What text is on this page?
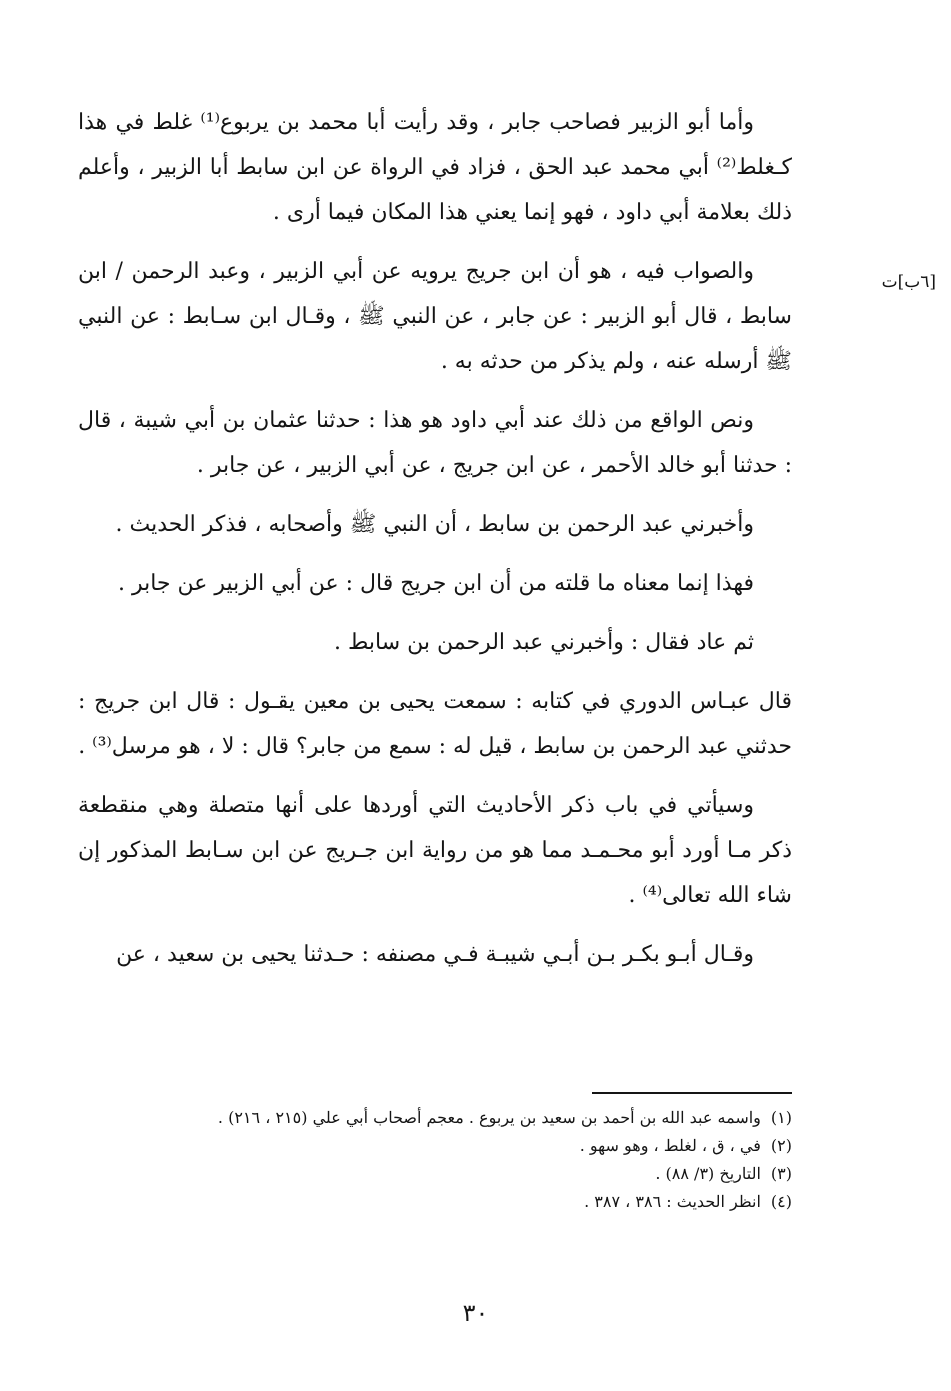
[٦ب]ت

وأما أبو الزبير فصاحب جابر ، وقد رأيت أبا محمد بن يربوع⁽¹⁾ غلط في هذا كـغلط⁽²⁾ أبي محمد عبد الحق ، فزاد في الرواة عن ابن سابط أبا الزبير ، وأعلم ذلك بعلامة أبي داود ، فهو إنما يعني هذا المكان فيما أرى .

والصواب فيه ، هو أن ابن جريج يرويه عن أبي الزبير ، وعبد الرحمن / ابن سابط ، قال أبو الزبير : عن جابر ، عن النبي ﷺ ، وقـال ابن سـابط : عن النبي ﷺ أرسله عنه ، ولم يذكر من حدثه به .

ونص الواقع من ذلك عند أبي داود هو هذا : حدثنا عثمان بن أبي شيبة ، قال : حدثنا أبو خالد الأحمر ، عن ابن جريج ، عن أبي الزبير ، عن جابر .

وأخبرني عبد الرحمن بن سابط ، أن النبي ﷺ وأصحابه ، فذكر الحديث .

فهذا إنما معناه ما قلته من أن ابن جريج قال : عن أبي الزبير عن جابر .

ثم عاد فقال : وأخبرني عبد الرحمن بن سابط .

قال عبـاس الدوري في كتابه : سمعت يحيى بن معين يقـول : قال ابن جريج : حدثني عبد الرحمن بن سابط ، قيل له : سمع من جابر؟ قال : لا ، هو مرسل⁽³⁾ .

وسيأتي في باب ذكر الأحاديث التي أوردها على أنها متصلة وهي منقطعة ذكر مـا أورد أبو محـمـد مما هو من رواية ابن جـريج عن ابن سـابط المذكور إن شاء الله تعالى⁽⁴⁾ .

وقـال أبـو بكـر بـن أبـي شيبـة فـي مصنفه : حـدثنا يحيى بن سعيد ، عن

(١)واسمه عبد الله بن أحمد بن سعيد بن يربوع . معجم أصحاب أبي علي (٢١٥ ، ٢١٦) .

(٢)في ، ق ، لغلط ، وهو سهو .

(٣)التاريخ (٣/ ٨٨) .

(٤)انظر الحديث : ٣٨٦ ، ٣٨٧ .

٣٠
